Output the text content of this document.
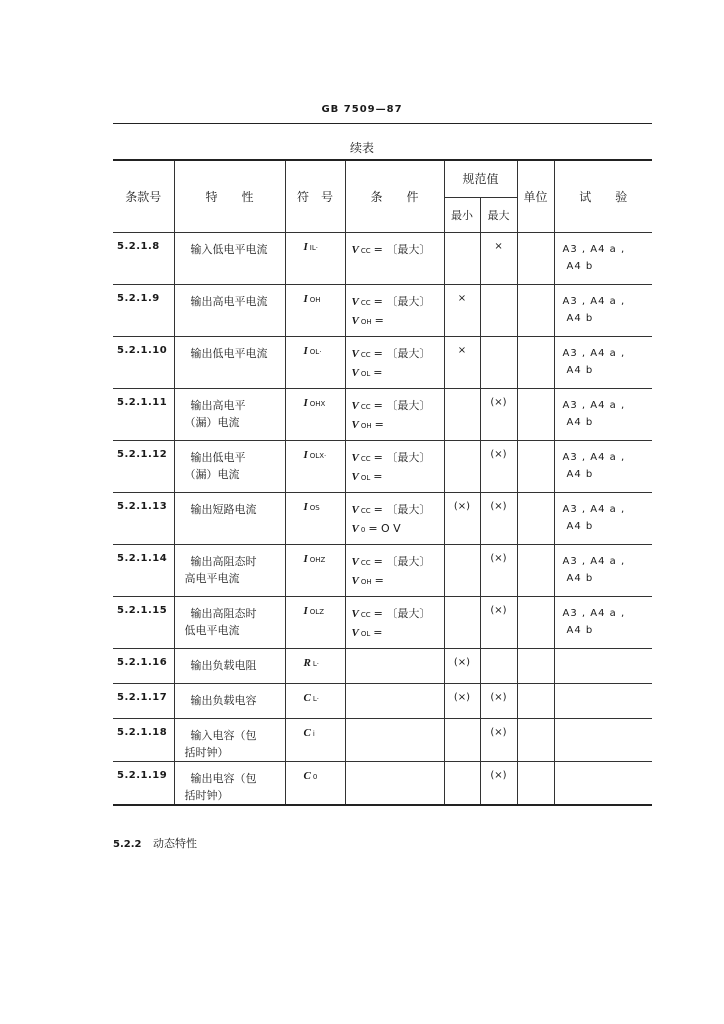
GB 7509—87
续表
条款号	特　　性	符　号	条　　件	规范值		单位	试　　验
				最小	最大		
5.2.1.8	输入低电平电流	I IL·	VCC = 〔最大〕		×		A3 , A4 a ,
A4 b

5.2.1.9	输出高电平电流	I OH	VCC = 〔最大〕
VOH =	×			A3 , A4 a ,
A4 b

5.2.1.10	输出低电平电流	I OL·	VCC = 〔最大〕
VOL =	×			A3 , A4 a ,
A4 b

5.2.1.11	输出高电平
（漏）电流	I OHX	VCC = 〔最大〕
VOH =		(×)		A3 , A4 a ,
A4 b

5.2.1.12	输出低电平
（漏）电流	I OLX·	VCC = 〔最大〕
VOL =		(×)		A3 , A4 a ,
A4 b

5.2.1.13	输出短路电流	I OS	VCC = 〔最大〕
V 0 = O V	(×)	(×)		A3 , A4 a ,
A4 b

5.2.1.14	输出高阻态时
高电平电流	I OHZ	VCC = 〔最大〕
VOH =		(×)		A3 , A4 a ,
A4 b

5.2.1.15	输出高阻态时
低电平电流	I OLZ	VCC = 〔最大〕
VOL =		(×)		A3 , A4 a ,
A4 b

5.2.1.16	输出负载电阻	R L·		(×)			
5.2.1.17	输出负载电容	C L·		(×)	(×)		
5.2.1.18	输入电容（包
括时钟）	C i			(×)		
5.2.1.19	输出电容（包
括时钟）	C 0			(×)		
5.2.2 动态特性
